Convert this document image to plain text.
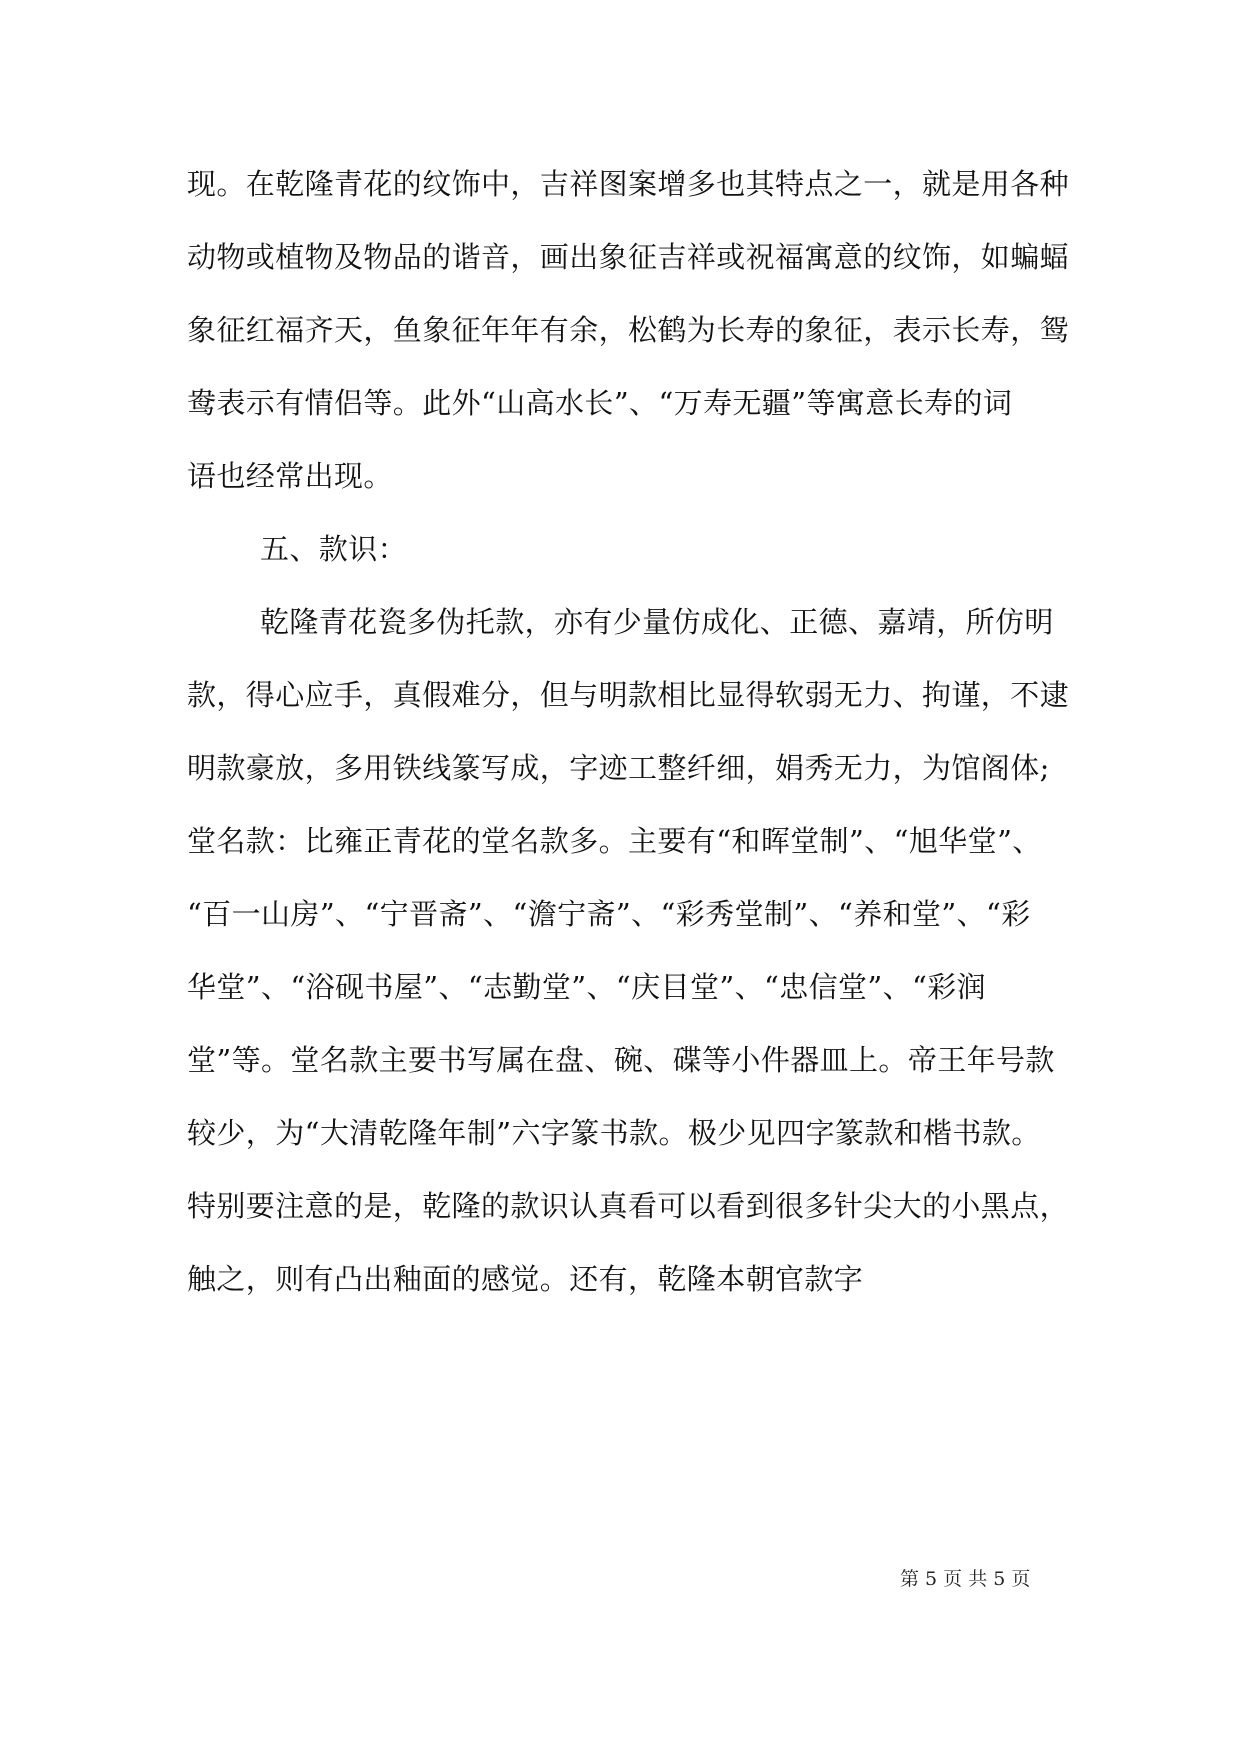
现。在乾隆青花的纹饰中，吉祥图案增多也其特点之一，就是用各种
动物或植物及物品的谐音，画出象征吉祥或祝福寓意的纹饰，如蝙蝠
象征红福齐天，鱼象征年年有余，松鹤为长寿的象征，表示长寿，鸳
鸯表示有情侣等。此外“山高水长”、“万寿无疆”等寓意长寿的词
语也经常出现。
五、款识：
乾隆青花瓷多伪托款，亦有少量仿成化、正德、嘉靖，所仿明
款，得心应手，真假难分，但与明款相比显得软弱无力、拘谨，不逮
明款豪放，多用铁线篆写成，字迹工整纤细，娟秀无力，为馆阁体;
堂名款：比雍正青花的堂名款多。主要有“和晖堂制”、“旭华堂”、
“百一山房”、“宁晋斋”、“澹宁斋”、“彩秀堂制”、“养和堂”、“彩
华堂”、“浴砚书屋”、“志勤堂”、“庆目堂”、“忠信堂”、“彩润
堂”等。堂名款主要书写属在盘、碗、碟等小件器皿上。帝王年号款
较少，为“大清乾隆年制”六字篆书款。极少见四字篆款和楷书款。
特别要注意的是，乾隆的款识认真看可以看到很多针尖大的小黑点，
触之，则有凸出釉面的感觉。还有，乾隆本朝官款字
第 5 页 共 5 页
